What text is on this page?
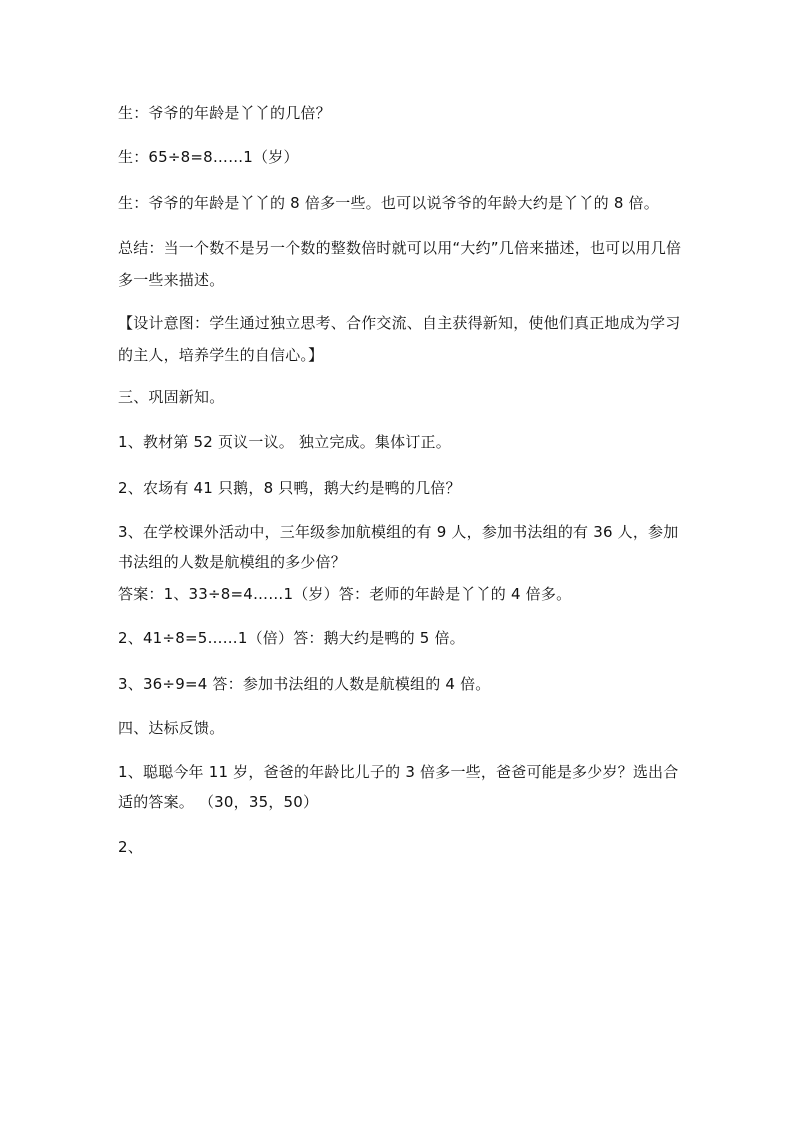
生：爷爷的年龄是丫丫的几倍？
生：65÷8=8……1（岁）
生：爷爷的年龄是丫丫的 8 倍多一些。也可以说爷爷的年龄大约是丫丫的 8 倍。
总结：当一个数不是另一个数的整数倍时就可以用“大约”几倍来描述，也可以用几倍多一些来描述。
【设计意图：学生通过独立思考、合作交流、自主获得新知，使他们真正地成为学习的主人，培养学生的自信心。】
三、巩固新知。
1、教材第 52 页议一议。 独立完成。集体订正。
2、农场有 41 只鹅，8 只鸭，鹅大约是鸭的几倍？
3、在学校课外活动中，三年级参加航模组的有 9 人，参加书法组的有 36 人，参加书法组的人数是航模组的多少倍？
答案：1、33÷8=4……1（岁）答：老师的年龄是丫丫的 4 倍多。
2、41÷8=5……1（倍）答：鹅大约是鸭的 5 倍。
3、36÷9=4 答：参加书法组的人数是航模组的 4 倍。
四、达标反馈。
1、聪聪今年 11 岁，爸爸的年龄比儿子的 3 倍多一些，爸爸可能是多少岁？选出合适的答案。 （30，35，50）
2、
